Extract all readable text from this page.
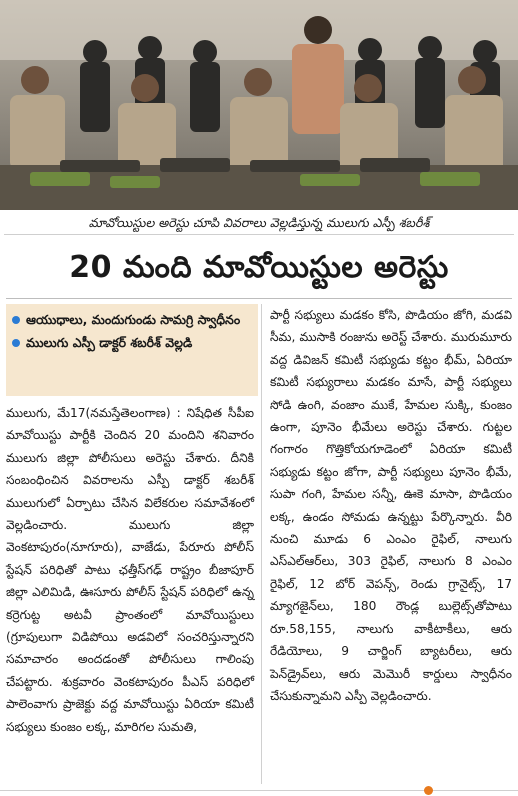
మావోయిస్టుల అరెస్టు చూపి వివరాలు వెల్లడిస్తున్న ములుగు ఎస్పీ శబరీశ్
20 మంది మావోయిస్టుల అరెస్టు
ఆయుధాలు, మందుగుండు సామగ్రి స్వాధీనం
ములుగు ఎస్పీ డాక్టర్ శబరీశ్ వెల్లడి

ములుగు, మే17(నమస్తేతెలంగాణ) : నిషేధిత సీపీఐ మావోయిస్టు పార్టీకి చెందిన 20 మందిని శనివారం ములుగు జిల్లా పోలీసులు అరెస్టు చేశారు. దీనికి సంబంధించిన వివరాలను ఎస్పీ డాక్టర్ శబరీశ్ ములుగులో ఏర్పాటు చేసిన విలేకరుల సమావేశంలో వెల్లడించారు. ములుగు జిల్లా వెంకటాపురం(నూగూరు), వాజేడు, పేరూరు పోలీస్ స్టేషన్ పరిధితో పాటు ఛత్తీస్‌గఢ్ రాష్ట్రం బీజాపూర్ జిల్లా ఎలిమిడి, ఊసూరు పోలీస్ స్టేషన్ పరిధిలో ఉన్న కర్రెగుట్ట అటవీ ప్రాంతంలో మావోయిస్టులు (గ్రూపులుగా విడిపోయి అడవిలో సంచరిస్తున్నారని సమాచారం అందడంతో పోలీసులు గాలింపు చేపట్టారు. శుక్రవారం వెంకటాపురం పీఎస్ పరిధిలో పాలెంవాగు ప్రాజెక్టు వద్ద మావోయిస్టు ఏరియా కమిటీ సభ్యులు కుంజం లక్క, మారిగల సుమతి,

పార్టీ సభ్యులు మడకం కోసి, పొడియం జోగి, మడవి సీమ, ముసాకి రంజును అరెస్ట్ చేశారు. మురుమూరు వద్ద డివిజన్ కమిటీ సభ్యుడు కట్టం భీమ్, ఏరియా కమిటీ సభ్యురాలు మడకం మాసే, పార్టీ సభ్యులు సోడి ఉంగి, వంజాం ముకే, హేమల సుక్కి, కుంజం ఉంగా, పూనెం భీమేలు అరెస్టు చేశారు. గుట్టల గంగారం గొత్తికోయగూడెంలో ఏరియా కమిటీ సభ్యుడు కట్టం జోగా, పార్టీ సభ్యులు పూనెం భీమే, సుపా గంగి, హేమల సన్నీ, ఊకె మాసా, పొడియం లక్క, ఉండం సోమడు ఉన్నట్టు పేర్కొన్నారు. వీరి నుంచి మూడు 6 ఎంఎం రైఫిల్, నాలుగు ఎస్ఎల్ఆర్‌లు, 303 రైఫిల్, నాలుగు 8 ఎంఎం రైఫిల్, 12 బోర్ వెపన్స్, రెండు గ్రానైట్స్, 17 మ్యాగజైన్‌లు, 180 రౌండ్ల బుల్లెట్స్‌తోపాటు రూ.58,155, నాలుగు వాకీటాకీలు, ఆరు రేడియోలు, 9 చార్జింగ్ బ్యాటరీలు, ఆరు పెన్‌డ్రైవ్‌లు, ఆరు మెమొరీ కార్డులు స్వాధీనం చేసుకున్నామని ఎస్పీ వెల్లడించారు.
